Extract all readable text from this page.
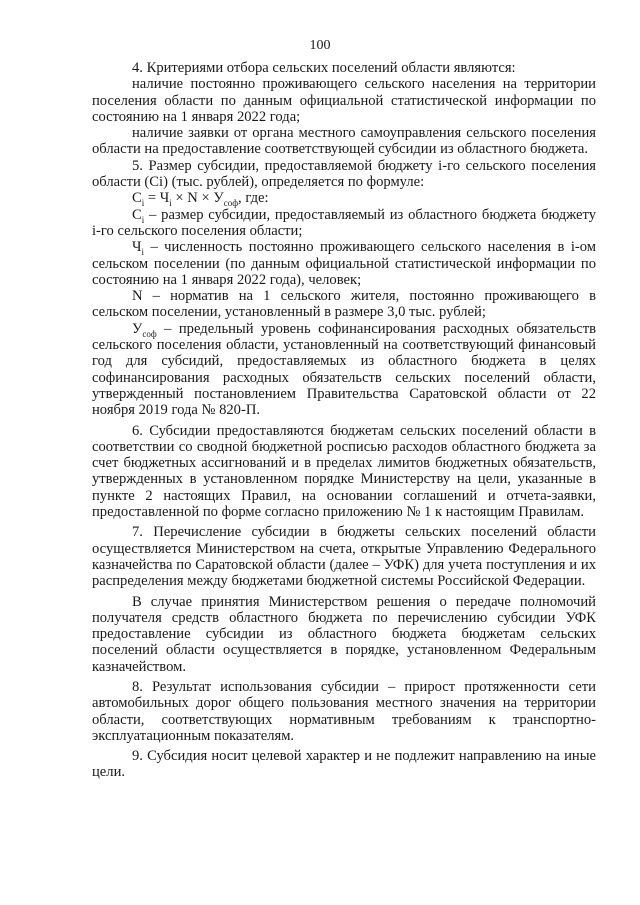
100

4. Критериями отбора сельских поселений области являются:

наличие постоянно проживающего сельского населения на территории поселения области по данным официальной статистической информации по состоянию на 1 января 2022 года;

наличие заявки от органа местного самоуправления сельского поселения области на предоставление соответствующей субсидии из областного бюджета.

5. Размер субсидии, предоставляемой бюджету i-го сельского поселения области (Ci) (тыс. рублей), определяется по формуле:

$C_i = Ч_i \times N \times У_{соф}$, где:

$C_i$ – размер субсидии, предоставляемый из областного бюджета бюджету i-го сельского поселения области;

$Ч_i$ – численность постоянно проживающего сельского населения в i-ом сельском поселении (по данным официальной статистической информации по состоянию на 1 января 2022 года), человек;

N – норматив на 1 сельского жителя, постоянно проживающего в сельском поселении, установленный в размере 3,0 тыс. рублей;

$У_{соф}$ – предельный уровень софинансирования расходных обязательств сельского поселения области, установленный на соответствующий финансовый год для субсидий, предоставляемых из областного бюджета в целях софинансирования расходных обязательств сельских поселений области, утвержденный постановлением Правительства Саратовской области от 22 ноября 2019 года № 820-П.

6. Субсидии предоставляются бюджетам сельских поселений области в соответствии со сводной бюджетной росписью расходов областного бюджета за счет бюджетных ассигнований и в пределах лимитов бюджетных обязательств, утвержденных в установленном порядке Министерству на цели, указанные в пункте 2 настоящих Правил, на основании соглашений и отчета-заявки, предоставленной по форме согласно приложению № 1 к настоящим Правилам.

7. Перечисление субсидии в бюджеты сельских поселений области осуществляется Министерством на счета, открытые Управлению Федерального казначейства по Саратовской области (далее – УФК) для учета поступления и их распределения между бюджетами бюджетной системы Российской Федерации.

В случае принятия Министерством решения о передаче полномочий получателя средств областного бюджета по перечислению субсидии УФК предоставление субсидии из областного бюджета бюджетам сельских поселений области осуществляется в порядке, установленном Федеральным казначейством.

8. Результат использования субсидии – прирост протяженности сети автомобильных дорог общего пользования местного значения на территории области, соответствующих нормативным требованиям к транспортно-эксплуатационным показателям.

9. Субсидия носит целевой характер и не подлежит направлению на иные цели.
